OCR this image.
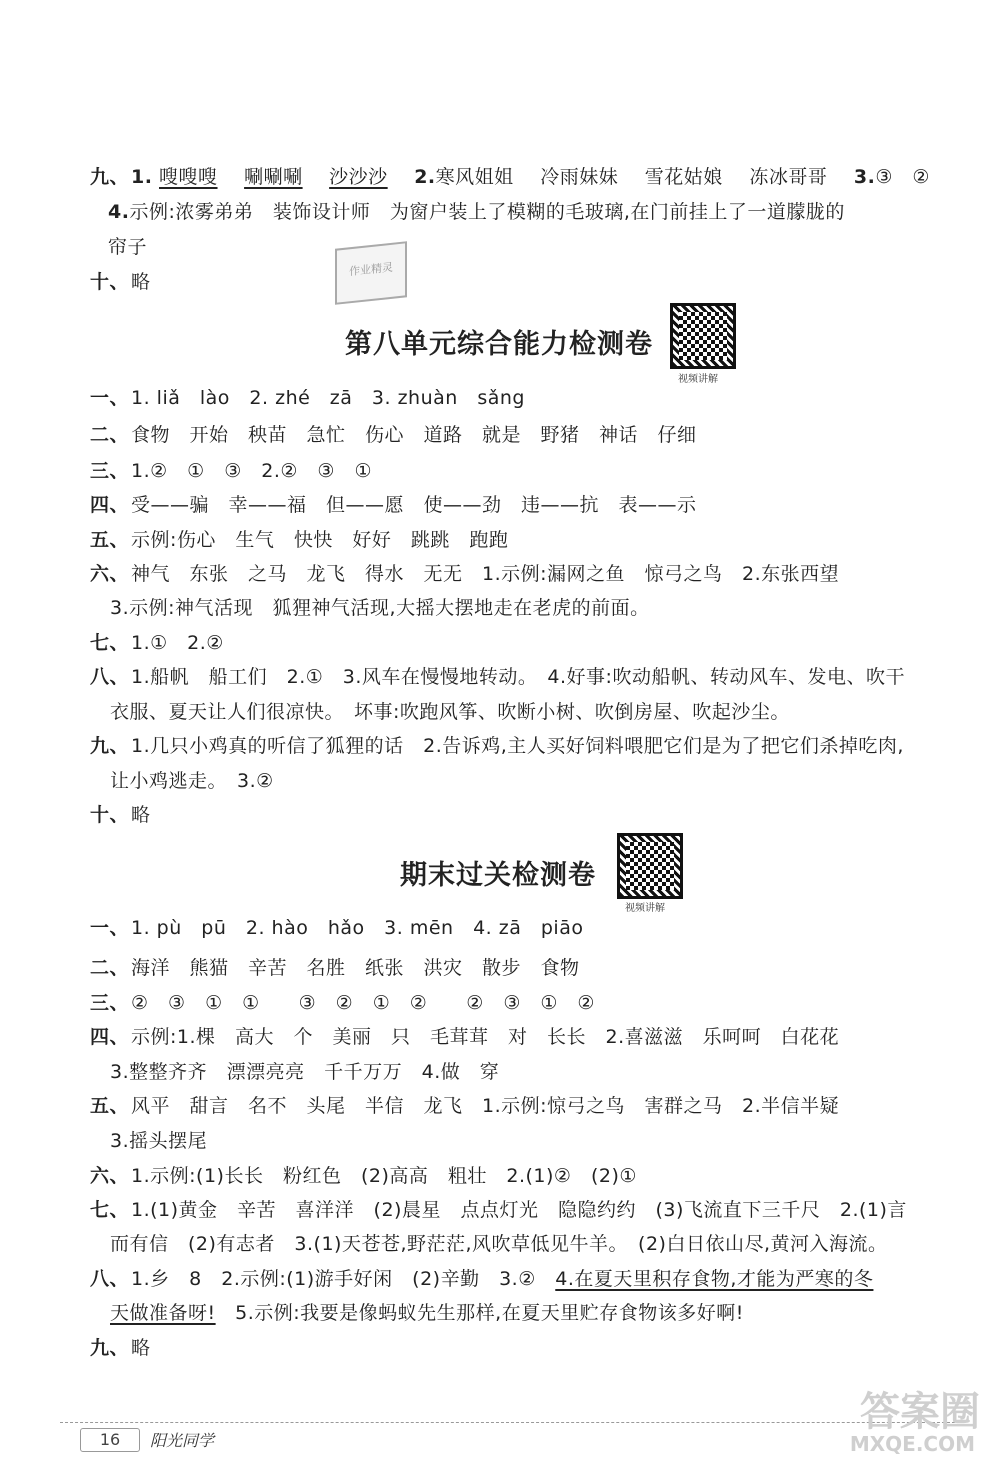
九、 1. 嗖嗖嗖 唰唰唰 沙沙沙 2.寒风姐姐 冷雨妹妹 雪花姑娘 冻冰哥哥 3.③　②
4.示例:浓雾弟弟　装饰设计师　为窗户装上了模糊的毛玻璃,在门前挂上了一道朦胧的
帘子
十、 略
作业精灵
第八单元综合能力检测卷
视频讲解
一、 1. liǎ　lào　2. zhé　zā　3. zhuàn　sǎng
二、 食物　开始　秧苗　急忙　伤心　道路　就是　野猪　神话　仔细
三、 1.②　①　③　2.②　③　①
四、 受——骗　幸——福　但——愿　使——劲　违——抗　表——示
五、 示例:伤心　生气　快快　好好　跳跳　跑跑
六、 神气　东张　之马　龙飞　得水　无无　1.示例:漏网之鱼　惊弓之鸟　2.东张西望
3.示例:神气活现　狐狸神气活现,大摇大摆地走在老虎的前面。
七、 1.①　2.②
八、 1.船帆　船工们　2.①　3.风车在慢慢地转动。　4.好事:吹动船帆、转动风车、发电、吹干
衣服、夏天让人们很凉快。　坏事:吹跑风筝、吹断小树、吹倒房屋、吹起沙尘。
九、 1.几只小鸡真的听信了狐狸的话　2.告诉鸡,主人买好饲料喂肥它们是为了把它们杀掉吃肉,
让小鸡逃走。　3.②
十、 略
期末过关检测卷
视频讲解
一、 1. pù　pū　2. hào　hǎo　3. mēn　4. zā　piāo
二、 海洋　熊猫　辛苦　名胜　纸张　洪灾　散步　食物
三、 ②　③　①　①　　③　②　①　②　　②　③　①　②
四、 示例:1.棵　高大　个　美丽　只　毛茸茸　对　长长　2.喜滋滋　乐呵呵　白花花
3.整整齐齐　漂漂亮亮　千千万万　4.做　穿
五、 风平　甜言　名不　头尾　半信　龙飞　1.示例:惊弓之鸟　害群之马　2.半信半疑
3.摇头摆尾
六、 1.示例:(1)长长　粉红色　(2)高高　粗壮　2.(1)②　(2)①
七、 1.(1)黄金　辛苦　喜洋洋　(2)晨星　点点灯光　隐隐约约　(3)飞流直下三千尺　2.(1)言
而有信　(2)有志者　3.(1)天苍苍,野茫茫,风吹草低见牛羊。　(2)白日依山尽,黄河入海流。
八、 1.乡　8　2.示例:(1)游手好闲　(2)辛勤　3.②　4.在夏天里积存食物,才能为严寒的冬
天做准备呀!　5.示例:我要是像蚂蚁先生那样,在夏天里贮存食物该多好啊!
九、 略
16	阳光同学
答案圈
MXQE.COM
